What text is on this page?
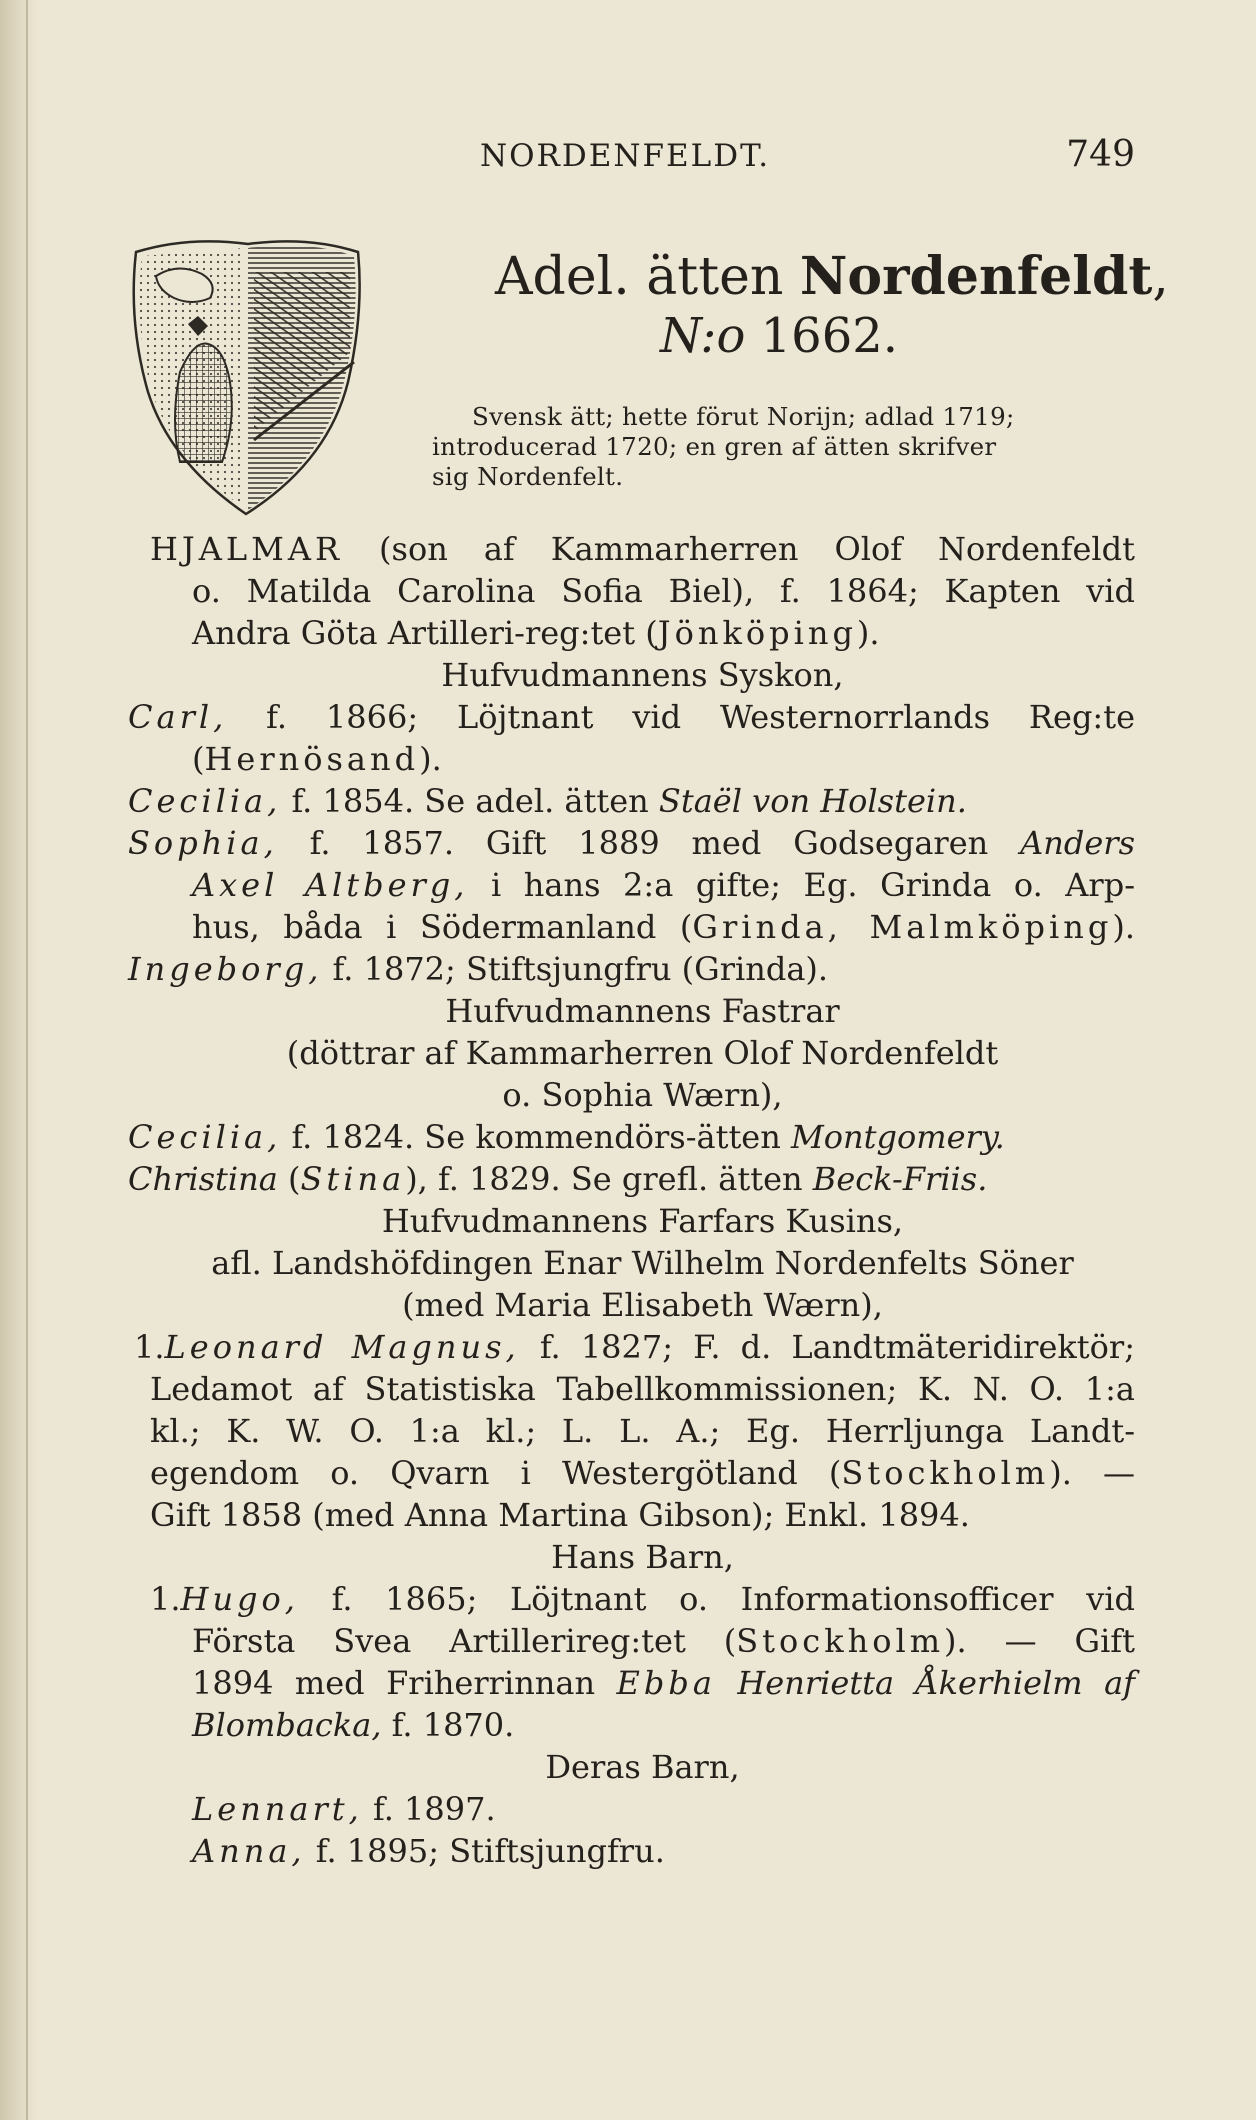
NORDENFELDT.	749
Adel. ätten Nordenfeldt,
N:o 1662.
Svensk ätt; hette förut Norijn; adlad 1719;
introducerad 1720; en gren af ätten skrifver
sig Nordenfelt.
HJALMAR (son af Kammarherren Olof Nordenfeldt
o. Matilda Carolina Sofia Biel), f. 1864; Kapten vid
Andra Göta Artilleri-reg:tet (Jönköping).
Hufvudmannens Syskon,
Carl, f. 1866; Löjtnant vid Westernorrlands Reg:te
(Hernösand).
Cecilia, f. 1854. Se adel. ätten Staël von Holstein.
Sophia, f. 1857. Gift 1889 med Godsegaren Anders
Axel Altberg, i hans 2:a gifte; Eg. Grinda o. Arp-
hus, båda i Södermanland (Grinda, Malmköping).
Ingeborg, f. 1872; Stiftsjungfru (Grinda).
Hufvudmannens Fastrar
(döttrar af Kammarherren Olof Nordenfeldt
o. Sophia Wærn),
Cecilia, f. 1824. Se kommendörs-ätten Montgomery.
Christina (Stina), f. 1829. Se grefl. ätten Beck-Friis.
Hufvudmannens Farfars Kusins,
afl. Landshöfdingen Enar Wilhelm Nordenfelts Söner
(med Maria Elisabeth Wærn),
1.Leonard Magnus, f. 1827; F. d. Landtmäteridirektör;
Ledamot af Statistiska Tabellkommissionen; K. N. O. 1:a
kl.; K. W. O. 1:a kl.; L. L. A.; Eg. Herrljunga Landt-
egendom o. Qvarn i Westergötland (Stockholm). —
Gift 1858 (med Anna Martina Gibson); Enkl. 1894.
Hans Barn,
1.Hugo, f. 1865; Löjtnant o. Informationsofficer vid
Första Svea Artillerireg:tet (Stockholm). — Gift
1894 med Friherrinnan Ebba Henrietta Åkerhielm af
Blombacka, f. 1870.
Deras Barn,
Lennart, f. 1897.
Anna, f. 1895; Stiftsjungfru.
